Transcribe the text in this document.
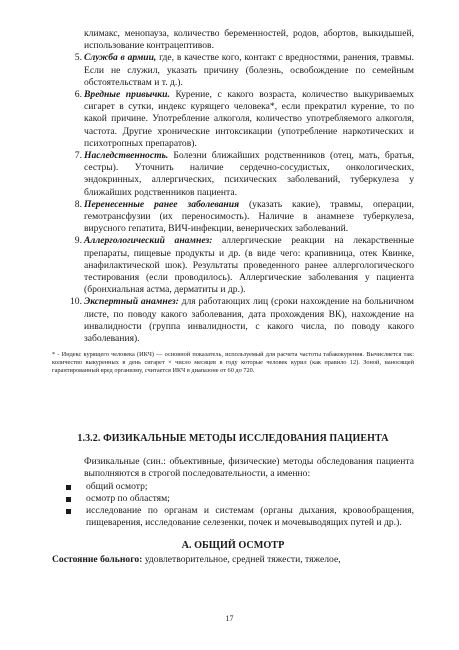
климакс, менопауза, количество беременностей, родов, абортов, выкидышей, использование контрацептивов.

5. Служба в армии, где, в качестве кого, контакт с вредностями, ранения, травмы. Если не служил, указать причину (болезнь, освобождение по семейным обстоятельствам и т. д.).
6. Вредные привычки. Курение, с какого возраста, количество выкуриваемых сигарет в сутки, индекс курящего человека*, если прекратил курение, то по какой причине. Употребление алкоголя, количество употребляемого алкоголя, частота. Другие хронические интоксикации (употребление наркотических и психотропных препаратов).
7. Наследственность. Болезни ближайших родственников (отец, мать, братья, сестры). Уточнить наличие сердечно-сосудистых, онкологических, эндокринных, аллергических, психических заболеваний, туберкулеза у ближайших родственников пациента.
8. Перенесенные ранее заболевания (указать какие), травмы, операции, гемотрансфузии (их переносимость). Наличие в анамнезе туберкулеза, вирусного гепатита, ВИЧ-инфекции, венерических заболеваний.
9. Аллергологический анамнез: аллергические реакции на лекарственные препараты, пищевые продукты и др. (в виде чего: крапивница, отек Квинке, анафилактической шок). Результаты проведенного ранее аллергологического тестирования (если проводилось). Аллергические заболевания у пациента (бронхиальная астма, дерматиты и др.).
10. Экспертный анамнез: для работающих лиц (сроки нахождение на больничном листе, по поводу какого заболевания, дата прохождения ВК), нахождение на инвалидности (группа инвалидности, с какого числа, по поводу какого заболевания).

* - Индекс курящего человека (ИКЧ) — основной показатель, используемый для расчета частоты табакокурения. Вычисляется так: количество выкуренных в день сигарет × число месяцев в году которые человек курил (как правило 12). Зоной, наносящей гарантированный вред организму, считается ИКЧ в диапазоне от 60 до 720.

1.3.2. ФИЗИКАЛЬНЫЕ МЕТОДЫ ИССЛЕДОВАНИЯ ПАЦИЕНТА

Физикальные (син.: объективные, физические) методы обследования пациента выполняются в строгой последовательности, а именно:

общий осмотр;
осмотр по областям;
исследование по органам и системам (органы дыхания, кровообращения, пищеварения, исследование селезенки, почек и мочевыводящих путей и др.).
А. ОБЩИЙ ОСМОТР

Состояние больного: удовлетворительное, средней тяжести, тяжелое,

17
